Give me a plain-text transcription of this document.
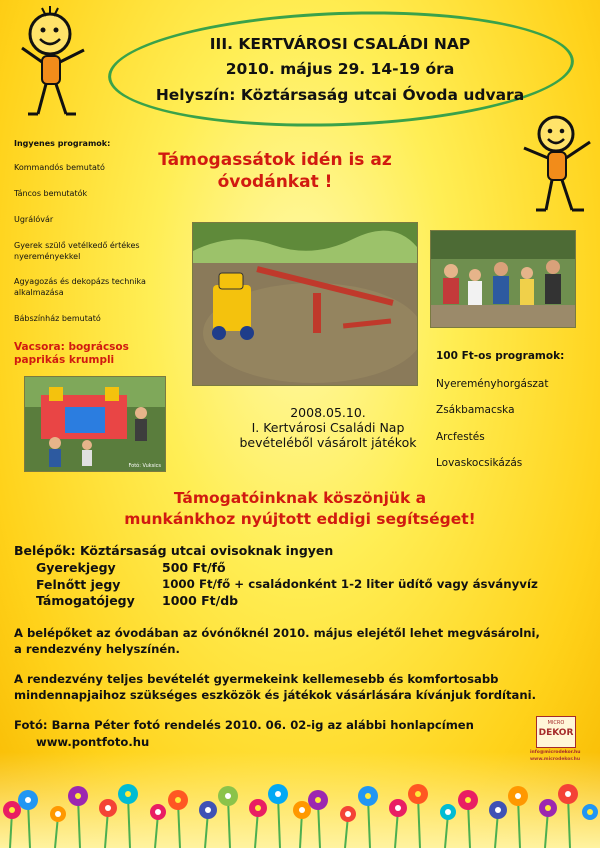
III. KERTVÁROSI CSALÁDI NAP
2010. május 29. 14-19 óra
Helyszín: Köztársaság utcai Óvoda udvara
Támogassátok idén is az
óvodánkat !
Ingyenes programok:
Kommandós bemutató
Táncos bemutatók
Ugrálóvár
Gyerek szülő vetélkedő értékes
nyereményekkel
Agyagozás és dekopázs technika
alkalmazása
Bábszínház bemutató
Vacsora: bográcsos
paprikás krumpli
Fotó: Vuksics
100 Ft-os programok:
Nyereményhorgászat
Zsákbamacska
Arcfestés
Lovaskocsikázás
2008.05.10.
I. Kertvárosi Családi Nap
bevételéből vásárolt játékok
Támogatóinknak köszönjük a
munkánkhoz nyújtott eddigi segítséget!
Belépők: Köztársaság utcai ovisoknak ingyen
Gyerekjegy	500 Ft/fő
Felnőtt jegy	1000 Ft/fő + családonként 1-2 liter üdítő vagy ásványvíz
Támogatójegy 1000 Ft/db
A belépőket az óvodában az óvónőknél 2010. május elejétől lehet megvásárolni,
a rendezvény helyszínén.
A rendezvény teljes bevételét gyermekeink kellemesebb és komfortosabb
mindennapjaihoz szükséges eszközök és játékok vásárlására kívánjuk fordítani.
Fotó: Barna Péter fotó rendelés 2010. 06. 02-ig az alábbi honlapcímen
www.pontfoto.hu
MICRO
DEKOR
